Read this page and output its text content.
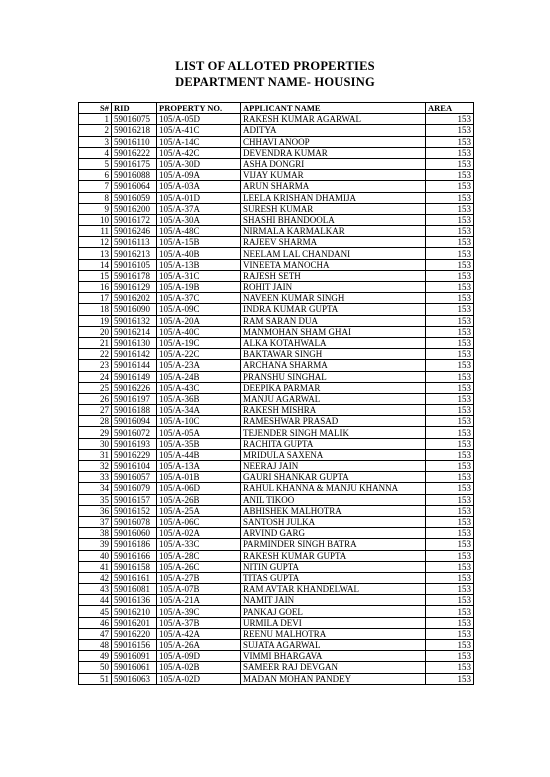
LIST OF ALLOTED PROPERTIES
DEPARTMENT NAME- HOUSING
S#	RID	PROPERTY NO.	APPLICANT NAME	AREA
1	59016075	105/A-05D	RAKESH KUMAR AGARWAL	153
2	59016218	105/A-41C	ADITYA	153
3	59016110	105/A-14C	CHHAVI ANOOP	153
4	59016222	105/A-42C	DEVENDRA KUMAR	153
5	59016175	105/A-30D	ASHA DONGRI	153
6	59016088	105/A-09A	VIJAY KUMAR	153
7	59016064	105/A-03A	ARUN SHARMA	153
8	59016059	105/A-01D	LEELA KRISHAN DHAMIJA	153
9	59016200	105/A-37A	SURESH KUMAR	153
10	59016172	105/A-30A	SHASHI BHANDOOLA	153
11	59016246	105/A-48C	NIRMALA KARMALKAR	153
12	59016113	105/A-15B	RAJEEV SHARMA	153
13	59016213	105/A-40B	NEELAM LAL CHANDANI	153
14	59016105	105/A-13B	VINEETA MANOCHA	153
15	59016178	105/A-31C	RAJESH SETH	153
16	59016129	105/A-19B	ROHIT JAIN	153
17	59016202	105/A-37C	NAVEEN KUMAR SINGH	153
18	59016090	105/A-09C	INDRA KUMAR GUPTA	153
19	59016132	105/A-20A	RAM SARAN DUA	153
20	59016214	105/A-40C	MANMOHAN SHAM GHAI	153
21	59016130	105/A-19C	ALKA KOTAHWALA	153
22	59016142	105/A-22C	BAKTAWAR SINGH	153
23	59016144	105/A-23A	ARCHANA SHARMA	153
24	59016149	105/A-24B	PRANSHU SINGHAL	153
25	59016226	105/A-43C	DEEPIKA PARMAR	153
26	59016197	105/A-36B	MANJU AGARWAL	153
27	59016188	105/A-34A	RAKESH MISHRA	153
28	59016094	105/A-10C	RAMESHWAR PRASAD	153
29	59016072	105/A-05A	TEJENDER SINGH MALIK	153
30	59016193	105/A-35B	RACHITA GUPTA	153
31	59016229	105/A-44B	MRIDULA SAXENA	153
32	59016104	105/A-13A	NEERAJ JAIN	153
33	59016057	105/A-01B	GAURI SHANKAR GUPTA	153
34	59016079	105/A-06D	RAHUL KHANNA & MANJU KHANNA	153
35	59016157	105/A-26B	ANIL TIKOO	153
36	59016152	105/A-25A	ABHISHEK MALHOTRA	153
37	59016078	105/A-06C	SANTOSH JULKA	153
38	59016060	105/A-02A	ARVIND GARG	153
39	59016186	105/A-33C	PARMINDER SINGH BATRA	153
40	59016166	105/A-28C	RAKESH KUMAR GUPTA	153
41	59016158	105/A-26C	NITIN GUPTA	153
42	59016161	105/A-27B	TITAS GUPTA	153
43	59016081	105/A-07B	RAM AVTAR KHANDELWAL	153
44	59016136	105/A-21A	NAMIT JAIN	153
45	59016210	105/A-39C	PANKAJ GOEL	153
46	59016201	105/A-37B	URMILA DEVI	153
47	59016220	105/A-42A	REENU MALHOTRA	153
48	59016156	105/A-26A	SUJATA AGARWAL	153
49	59016091	105/A-09D	VIMMI BHARGAVA	153
50	59016061	105/A-02B	SAMEER RAJ DEVGAN	153
51	59016063	105/A-02D	MADAN MOHAN PANDEY	153
